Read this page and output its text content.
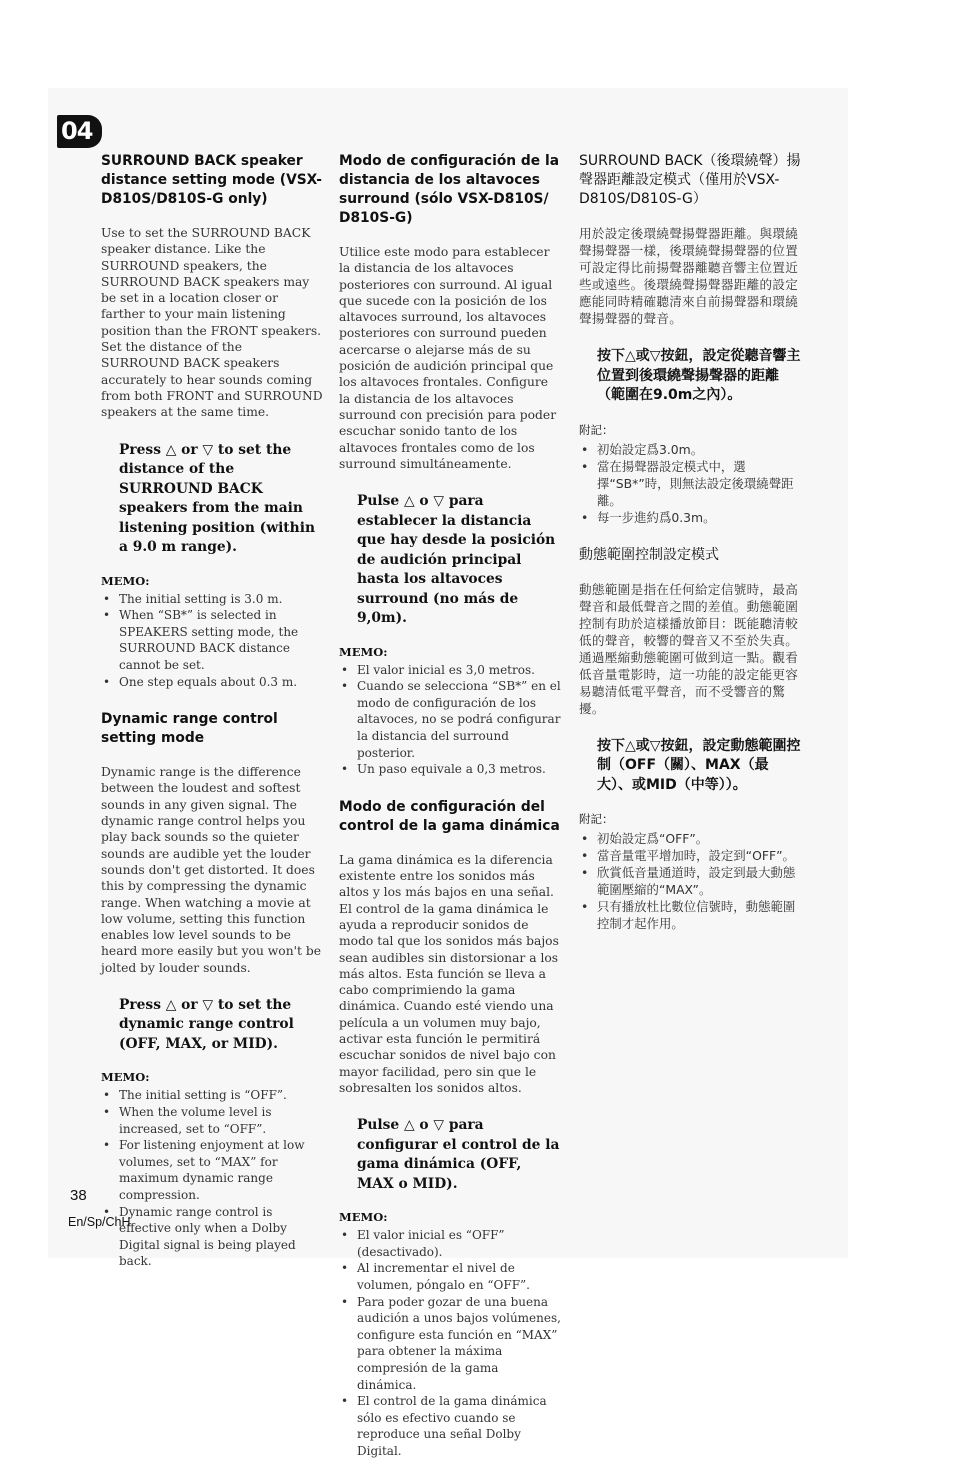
04
SURROUND BACK speaker distance setting mode (VSX-D810S/D810S-G only)

Use to set the SURROUND BACK speaker distance. Like the SURROUND speakers, the SURROUND BACK speakers may be set in a location closer or farther to your main listening position than the FRONT speakers. Set the distance of the SURROUND BACK speakers accurately to hear sounds coming from both FRONT and SURROUND speakers at the same time.

Press △ or ▽ to set the distance of the SURROUND BACK speakers from the main listening position (within a 9.0 m range).

MEMO:
• The initial setting is 3.0 m.
• When “SB*” is selected in SPEAKERS setting mode, the SURROUND BACK distance cannot be set.
• One step equals about 0.3 m.
Dynamic range control setting mode

Dynamic range is the difference between the loudest and softest sounds in any given signal. The dynamic range control helps you play back sounds so the quieter sounds are audible yet the louder sounds don't get distorted. It does this by compressing the dynamic range. When watching a movie at low volume, setting this function enables low level sounds to be heard more easily but you won't be jolted by louder sounds.

Press △ or ▽ to set the dynamic range control (OFF, MAX, or MID).

MEMO:
• The initial setting is “OFF”.
• When the volume level is increased, set to “OFF”.
• For listening enjoyment at low volumes, set to “MAX” for maximum dynamic range compression.
• Dynamic range control is effective only when a Dolby Digital signal is being played back.
Modo de configuración de la distancia de los altavoces surround (sólo VSX-D810S/ D810S-G)

Utilice este modo para establecer la distancia de los altavoces posteriores con surround. Al igual que sucede con la posición de los altavoces surround, los altavoces posteriores con surround pueden acercarse o alejarse más de su posición de audición principal que los altavoces frontales. Configure la distancia de los altavoces surround con precisión para poder escuchar sonido tanto de los altavoces frontales como de los surround simultáneamente.

Pulse △ o ▽ para establecer la distancia que hay desde la posición de audición principal hasta los altavoces surround (no más de 9,0m).

MEMO:
• El valor inicial es 3,0 metros.
• Cuando se selecciona “SB*” en el modo de configuración de los altavoces, no se podrá configurar la distancia del surround posterior.
• Un paso equivale a 0,3 metros.
Modo de configuración del control de la gama dinámica

La gama dinámica es la diferencia existente entre los sonidos más altos y los más bajos en una señal. El control de la gama dinámica le ayuda a reproducir sonidos de modo tal que los sonidos más bajos sean audibles sin distorsionar a los más altos. Esta función se lleva a cabo comprimiendo la gama dinámica. Cuando esté viendo una película a un volumen muy bajo, activar esta función le permitirá escuchar sonidos de nivel bajo con mayor facilidad, pero sin que le sobresalten los sonidos altos.

Pulse △ o ▽ para configurar el control de la gama dinámica (OFF, MAX o MID).

MEMO:
• El valor inicial es “OFF” (desactivado).
• Al incrementar el nivel de volumen, póngalo en “OFF”.
• Para poder gozar de una buena audición a unos bajos volúmenes, configure esta función en “MAX” para obtener la máxima compresión de la gama dinámica.
• El control de la gama dinámica sólo es efectivo cuando se reproduce una señal Dolby Digital.
SURROUND BACK（後環繞聲）揚聲器距離設定模式（僅用於VSX-D810S/D810S-G）

用於設定後環繞聲揚聲器距離。與環繞聲揚聲器一樣，後環繞聲揚聲器的位置可設定得比前揚聲器離聽音響主位置近些或遠些。後環繞聲揚聲器距離的設定應能同時精確聽清來自前揚聲器和環繞聲揚聲器的聲音。

按下△或▽按鈕，設定從聽音響主位置到後環繞聲揚聲器的距離（範圍在9.0m之內）。

附記：
• 初始設定爲3.0m。
• 當在揚聲器設定模式中，選擇“SB*”時，則無法設定後環繞聲距離。
• 每一步進約爲0.3m。
動態範圍控制設定模式

動態範圍是指在任何給定信號時，最高聲音和最低聲音之間的差值。動態範圍控制有助於這樣播放節目：既能聽清較低的聲音，較響的聲音又不至於失真。通過壓縮動態範圍可做到這一點。觀看低音量電影時，這一功能的設定能更容易聽清低電平聲音，而不受響音的驚擾。

按下△或▽按鈕，設定動態範圍控制（OFF（關）、MAX（最大）、或MID（中等））。

附記：
• 初始設定爲“OFF”。
• 當音量電平增加時，設定到“OFF”。
• 欣賞低音量通道時，設定到最大動態範圍壓縮的“MAX”。
• 只有播放杜比數位信號時，動態範圍控制才起作用。
38
En/Sp/ChH
